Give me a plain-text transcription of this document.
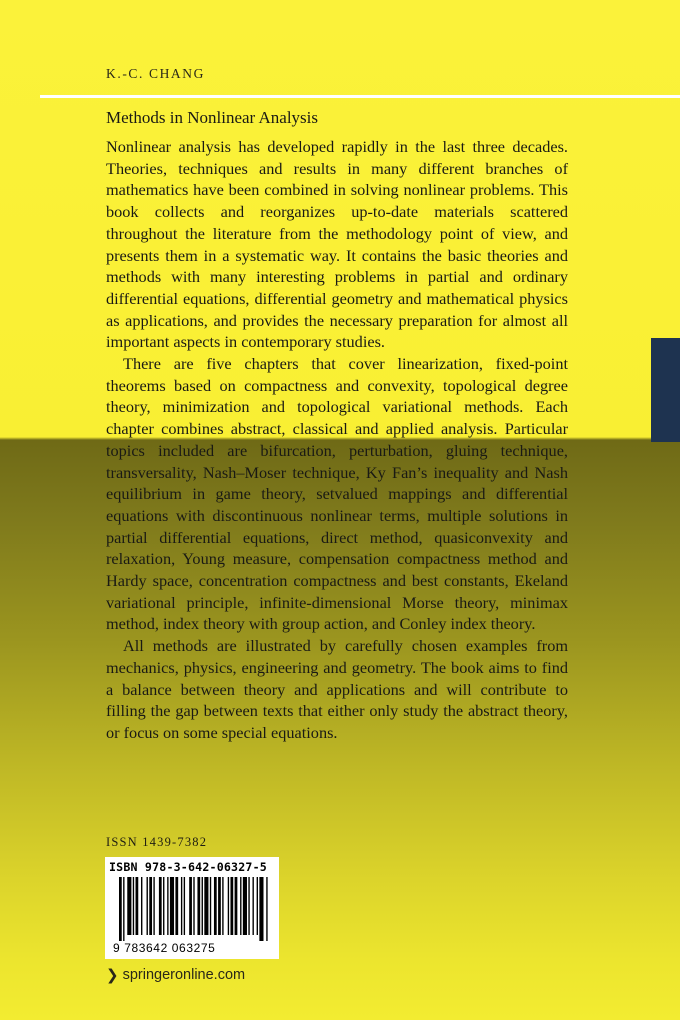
K.-C. CHANG
Methods in Nonlinear Analysis

Nonlinear analysis has developed rapidly in the last three decades. Theories, techniques and results in many different branches of mathematics have been combined in solving nonlinear problems. This book collects and reorganizes up-to-date materials scattered throughout the literature from the methodology point of view, and presents them in a systematic way. It contains the basic theories and methods with many interesting problems in partial and ordinary differential equations, differential geometry and mathematical physics as applications, and provides the necessary preparation for almost all important aspects in contemporary studies.

There are five chapters that cover linearization, fixed-point theorems based on compactness and convexity, topological degree theory, minimization and topological variational methods. Each chapter combines abstract, classical and applied analysis. Particular topics included are bifurcation, perturbation, gluing technique, transversality, Nash–Moser technique, Ky Fan’s inequality and Nash equilibrium in game theory, setvalued mappings and differential equations with discontinuous nonlinear terms, multiple solutions in partial differential equations, direct method, quasiconvexity and relaxation, Young measure, compensation compactness method and Hardy space, concentration compactness and best constants, Ekeland variational principle, infinite-dimensional Morse theory, minimax method, index theory with group action, and Conley index theory.

All methods are illustrated by carefully chosen examples from mechanics, physics, engineering and geometry. The book aims to find a balance between theory and applications and will contribute to filling the gap between texts that either only study the abstract theory, or focus on some special equations.

ISSN 1439-7382
ISBN 978-3-642-06327-5
9 783642 063275
❯ springeronline.com
